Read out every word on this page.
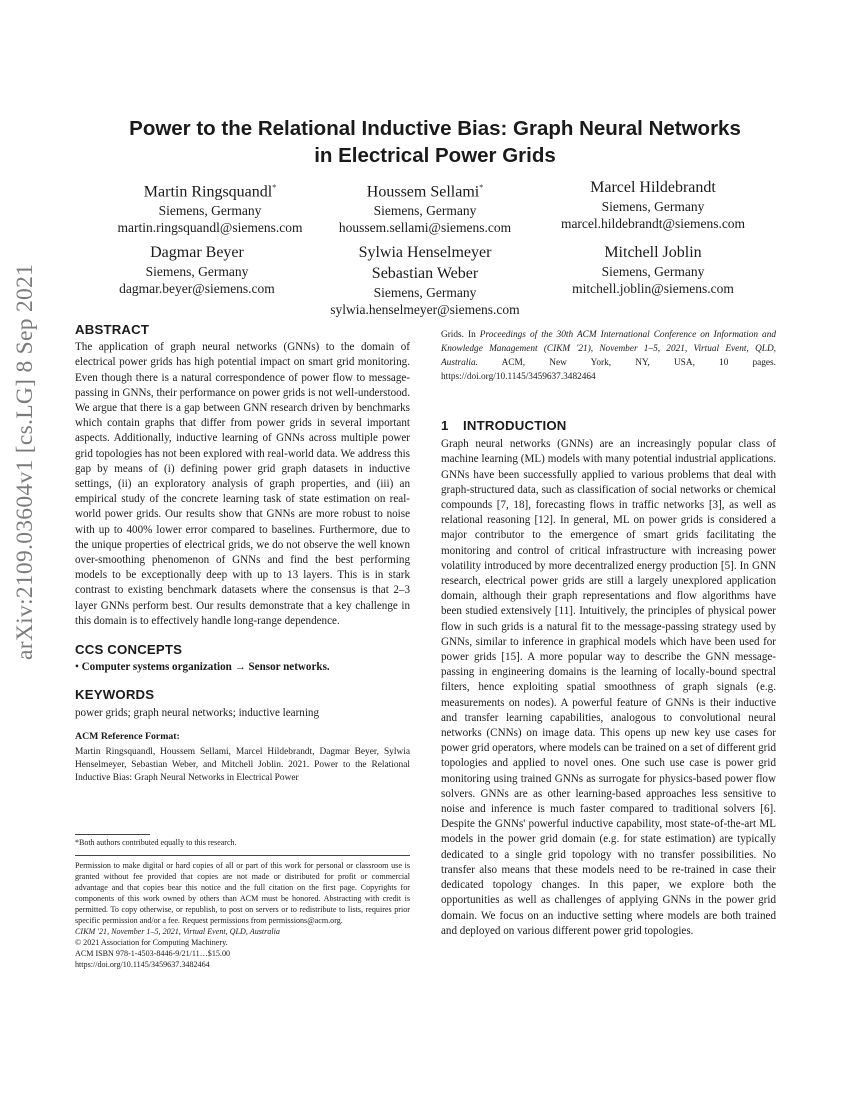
arXiv:2109.03604v1 [cs.LG] 8 Sep 2021
Power to the Relational Inductive Bias: Graph Neural Networks
in Electrical Power Grids
Martin Ringsquandl*
Siemens, Germany
martin.ringsquandl@siemens.com
Houssem Sellami*
Siemens, Germany
houssem.sellami@siemens.com
Marcel Hildebrandt
Siemens, Germany
marcel.hildebrandt@siemens.com
Dagmar Beyer
Siemens, Germany
dagmar.beyer@siemens.com
Sylwia Henselmeyer
Sebastian Weber
Siemens, Germany
sylwia.henselmeyer@siemens.com
Mitchell Joblin
Siemens, Germany
mitchell.joblin@siemens.com
ABSTRACT
The application of graph neural networks (GNNs) to the domain of electrical power grids has high potential impact on smart grid monitoring. Even though there is a natural correspondence of power flow to message-passing in GNNs, their performance on power grids is not well-understood. We argue that there is a gap between GNN research driven by benchmarks which contain graphs that differ from power grids in several important aspects. Additionally, inductive learning of GNNs across multiple power grid topologies has not been explored with real-world data. We address this gap by means of (i) defining power grid graph datasets in inductive settings, (ii) an exploratory analysis of graph properties, and (iii) an empirical study of the concrete learning task of state estimation on real-world power grids. Our results show that GNNs are more robust to noise with up to 400% lower error compared to baselines. Furthermore, due to the unique properties of electrical grids, we do not observe the well known over-smoothing phenomenon of GNNs and find the best performing models to be exceptionally deep with up to 13 layers. This is in stark contrast to existing benchmark datasets where the consensus is that 2–3 layer GNNs perform best. Our results demonstrate that a key challenge in this domain is to effectively handle long-range dependence.
CCS CONCEPTS
• Computer systems organization → Sensor networks.
KEYWORDS
power grids; graph neural networks; inductive learning
ACM Reference Format:
Martin Ringsquandl, Houssem Sellami, Marcel Hildebrandt, Dagmar Beyer, Sylwia Henselmeyer, Sebastian Weber, and Mitchell Joblin. 2021. Power to the Relational Inductive Bias: Graph Neural Networks in Electrical Power
*Both authors contributed equally to this research.
Permission to make digital or hard copies of all or part of this work for personal or classroom use is granted without fee provided that copies are not made or distributed for profit or commercial advantage and that copies bear this notice and the full citation on the first page. Copyrights for components of this work owned by others than ACM must be honored. Abstracting with credit is permitted. To copy otherwise, or republish, to post on servers or to redistribute to lists, requires prior specific permission and/or a fee. Request permissions from permissions@acm.org.
CIKM '21, November 1–5, 2021, Virtual Event, QLD, Australia
© 2021 Association for Computing Machinery.
ACM ISBN 978-1-4503-8446-9/21/11…$15.00
https://doi.org/10.1145/3459637.3482464
Grids. In Proceedings of the 30th ACM International Conference on Information and Knowledge Management (CIKM '21), November 1–5, 2021, Virtual Event, QLD, Australia. ACM, New York, NY, USA, 10 pages. https://doi.org/10.1145/3459637.3482464
1 INTRODUCTION
Graph neural networks (GNNs) are an increasingly popular class of machine learning (ML) models with many potential industrial applications. GNNs have been successfully applied to various problems that deal with graph-structured data, such as classification of social networks or chemical compounds [7, 18], forecasting flows in traffic networks [3], as well as relational reasoning [12]. In general, ML on power grids is considered a major contributor to the emergence of smart grids facilitating the monitoring and control of critical infrastructure with increasing power volatility introduced by more decentralized energy production [5]. In GNN research, electrical power grids are still a largely unexplored application domain, although their graph representations and flow algorithms have been studied extensively [11]. Intuitively, the principles of physical power flow in such grids is a natural fit to the message-passing strategy used by GNNs, similar to inference in graphical models which have been used for power grids [15]. A more popular way to describe the GNN message-passing in engineering domains is the learning of locally-bound spectral filters, hence exploiting spatial smoothness of graph signals (e.g. measurements on nodes). A powerful feature of GNNs is their inductive and transfer learning capabilities, analogous to convolutional neural networks (CNNs) on image data. This opens up new key use cases for power grid operators, where models can be trained on a set of different grid topologies and applied to novel ones. One such use case is power grid monitoring using trained GNNs as surrogate for physics-based power flow solvers. GNNs are as other learning-based approaches less sensitive to noise and inference is much faster compared to traditional solvers [6]. Despite the GNNs' powerful inductive capability, most state-of-the-art ML models in the power grid domain (e.g. for state estimation) are typically dedicated to a single grid topology with no transfer possibilities. No transfer also means that these models need to be re-trained in case their dedicated topology changes. In this paper, we explore both the opportunities as well as challenges of applying GNNs in the power grid domain. We focus on an inductive setting where models are both trained and deployed on various different power grid topologies.
